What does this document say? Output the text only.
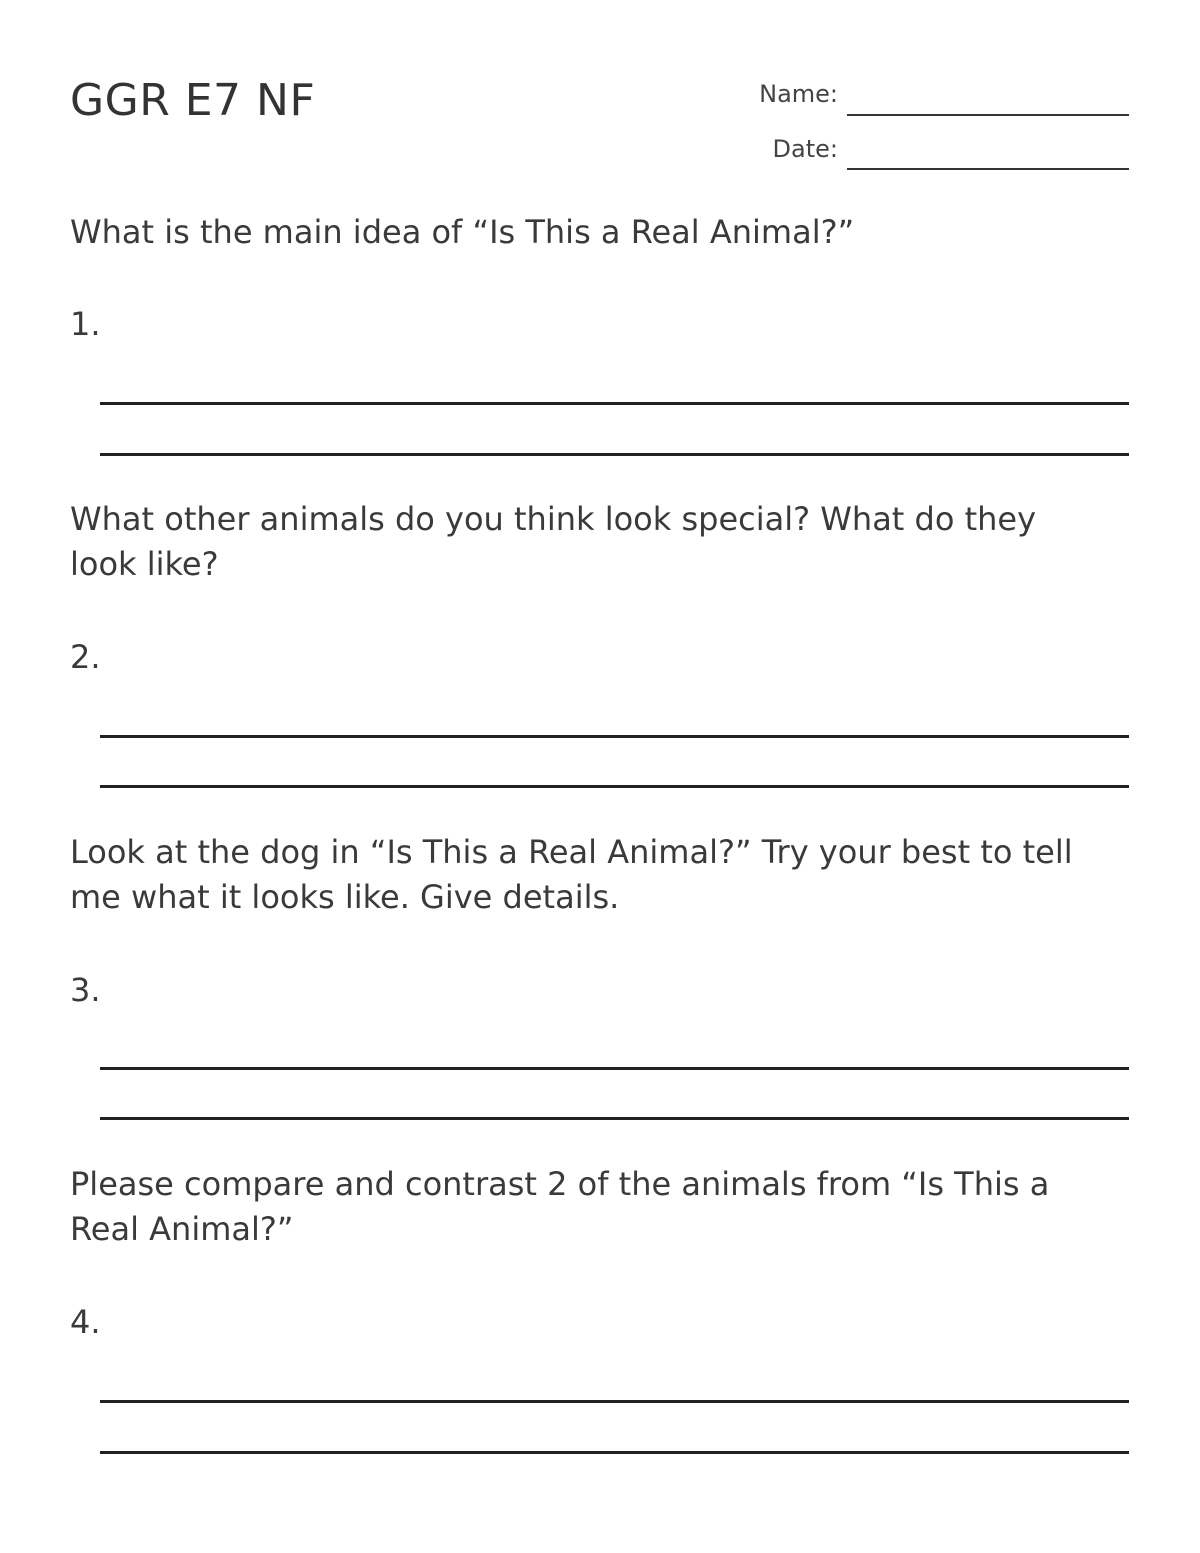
GGR E7 NF	Name:
Date:

What is the main idea of “Is This a Real Animal?”

1.

What other animals do you think look special? What do they look like?

2.

Look at the dog in “Is This a Real Animal?” Try your best to tell me what it looks like. Give details.

3.

Please compare and contrast 2 of the animals from “Is This a Real Animal?”

4.
